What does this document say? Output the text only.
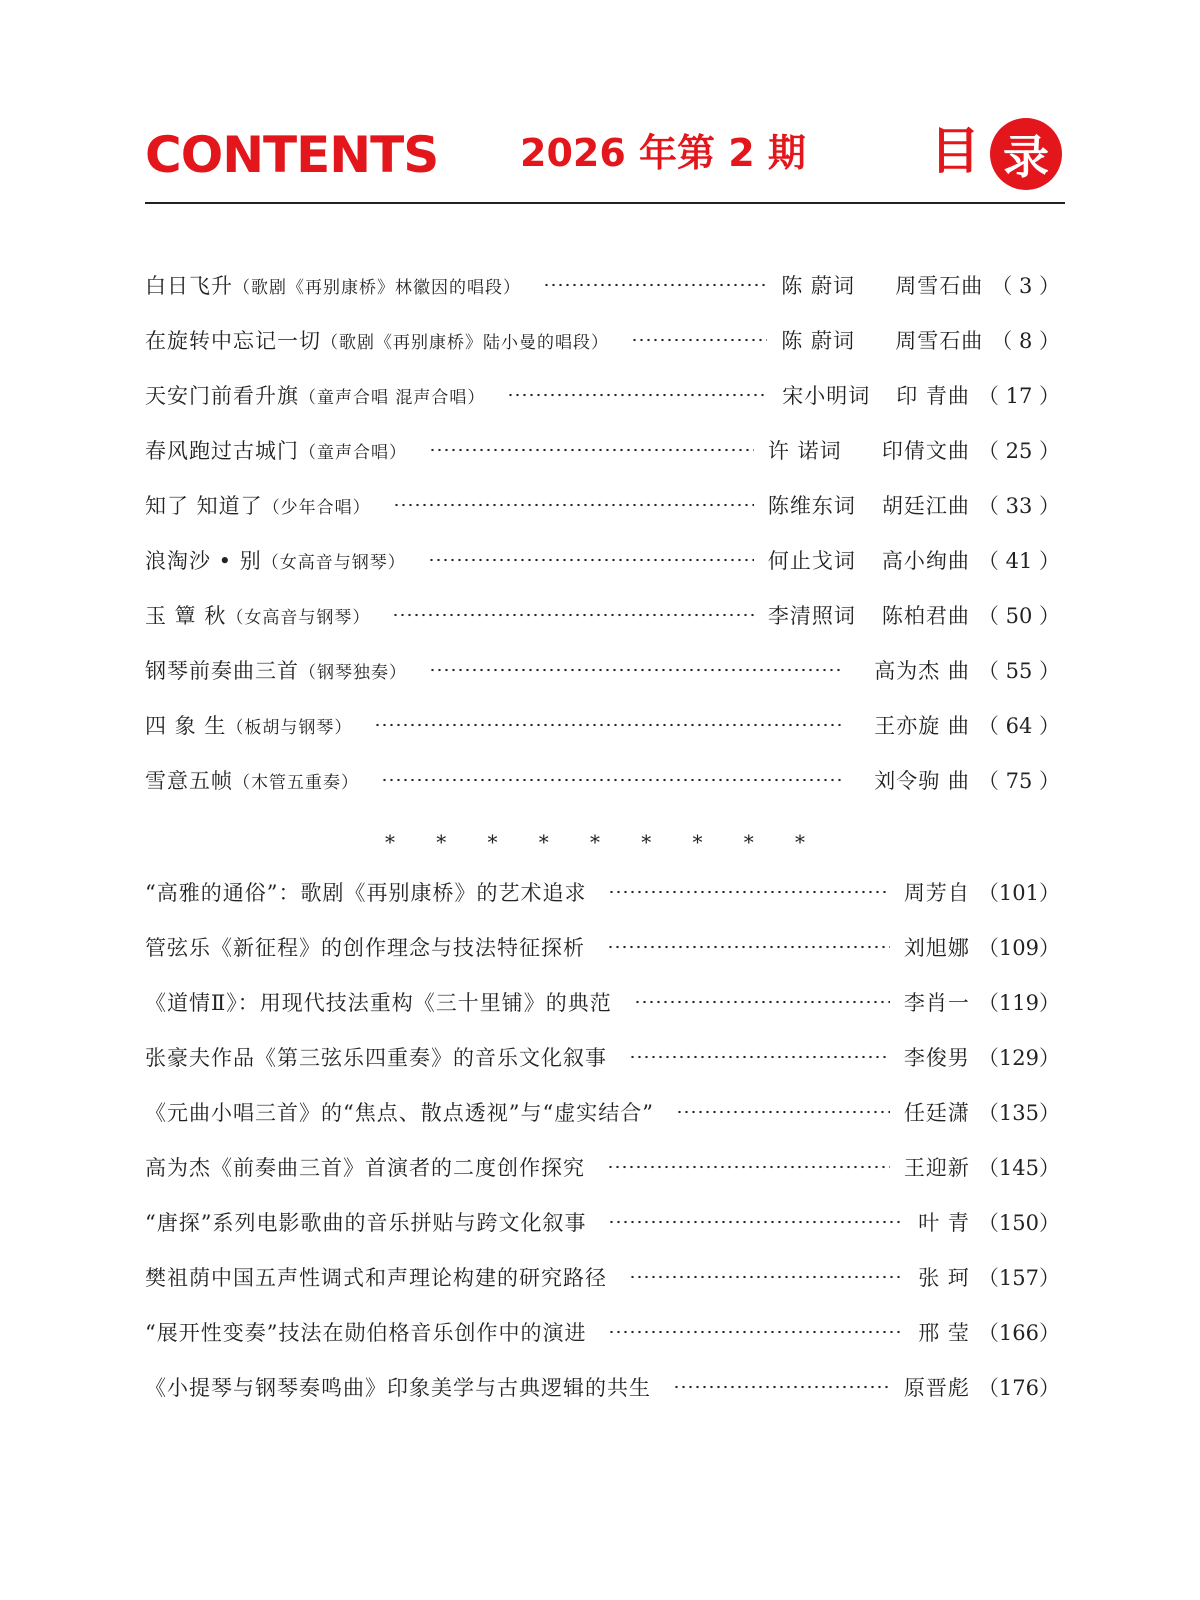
CONTENTS 2026 年第 2 期 目 录
白日飞升 （歌剧《再别康桥》林徽因的唱段）	陈 蔚词 周雪石曲 （ 3 ）
在旋转中忘记一切 （歌剧《再别康桥》陆小曼的唱段）	陈 蔚词 周雪石曲 （ 8 ）
天安门前看升旗 （童声合唱 混声合唱）	宋小明词 印 青曲 （ 17 ）
春风跑过古城门 （童声合唱）	许 诺词 印倩文曲 （ 25 ）
知了 知道了 （少年合唱）	陈维东词 胡廷江曲 （ 33 ）
浪淘沙 • 别 （女高音与钢琴）	何止戈词 高小绚曲 （ 41 ）
玉 簟 秋 （女高音与钢琴）	李清照词 陈柏君曲 （ 50 ）
钢琴前奏曲三首 （钢琴独奏）	高为杰 曲 （ 55 ）
四 象 生 （板胡与钢琴）	王亦旋 曲 （ 64 ）
雪意五帧 （木管五重奏）	刘令驹 曲 （ 75 ）
* * * * * * * * *
“高雅的通俗”：歌剧《再别康桥》的艺术追求	周芳自 （101）
管弦乐《新征程》的创作理念与技法特征探析	刘旭娜 （109）
《道情Ⅱ》：用现代技法重构《三十里铺》的典范	李肖一 （119）
张豪夫作品《第三弦乐四重奏》的音乐文化叙事	李俊男 （129）
《元曲小唱三首》的“焦点、散点透视”与“虚实结合”	任廷潇 （135）
高为杰《前奏曲三首》首演者的二度创作探究	王迎新 （145）
“唐探”系列电影歌曲的音乐拼贴与跨文化叙事	叶 青 （150）
樊祖荫中国五声性调式和声理论构建的研究路径	张 珂 （157）
“展开性变奏”技法在勋伯格音乐创作中的演进	邢 莹 （166）
《小提琴与钢琴奏鸣曲》印象美学与古典逻辑的共生	原晋彪 （176）
